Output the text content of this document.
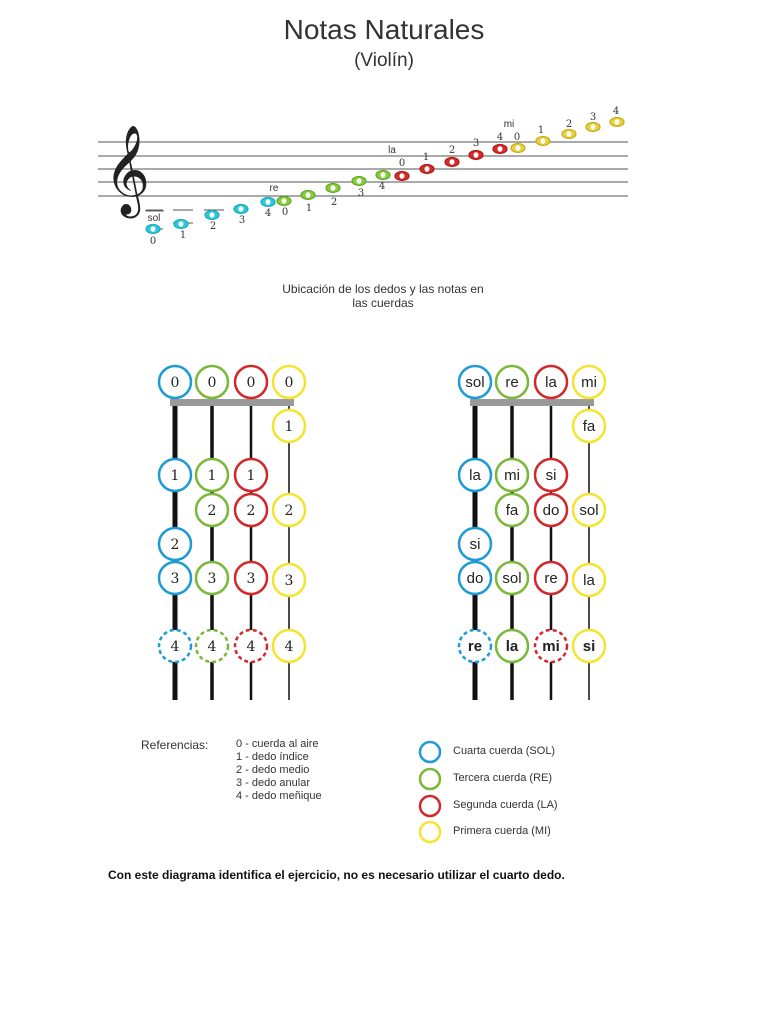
Notas Naturales
(Violín)
𝄞
0
1
2
3
4 0 1
2
3
4
0
1
2
3
4 0
1
2
3
4
sol
re
la
mi
Ubicación de los dedos y las notas en
las cuerdas
0 0 0 0
1
1 1 1
2 2 2
2
3 3 3 3
4 4 4 4
sol re la mi
fa
la mi si
fa do sol
si
do sol re la
re la mi si
Referencias:	0 - cuerda al aire
1 - dedo índice
2 - dedo medio
3 - dedo anular
4 - dedo meñique
Cuarta cuerda (SOL)
Tercera cuerda (RE)
Segunda cuerda (LA)
Primera cuerda (MI)
Con este diagrama identifica el ejercicio, no es necesario utilizar el cuarto dedo.
